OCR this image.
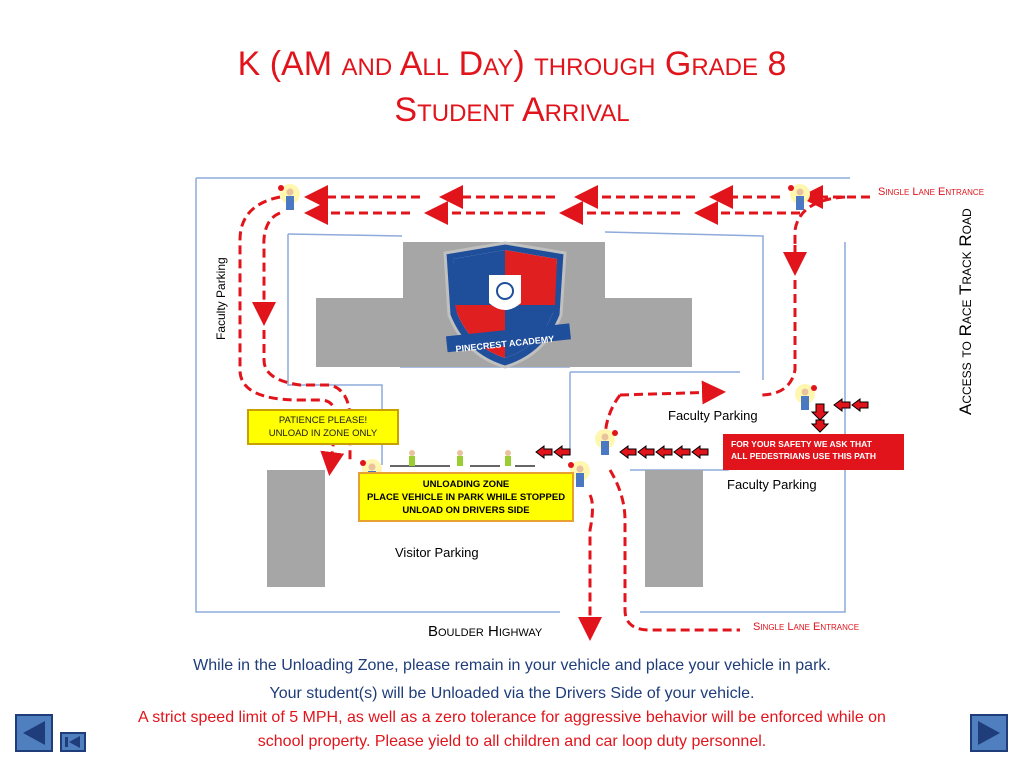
K (AM and All Day) through Grade 8
Student Arrival
PINECREST ACADEMY
Single Lane Entrance
Single Lane Entrance
Access to Race Track Road
Faculty Parking
Faculty Parking
Faculty Parking
Visitor Parking
Boulder Highway
PATIENCE PLEASE!
UNLOAD IN ZONE ONLY
UNLOADING ZONE
PLACE VEHICLE IN PARK WHILE STOPPED
UNLOAD ON DRIVERS SIDE
FOR YOUR SAFETY WE ASK THAT
ALL PEDESTRIANS USE THIS PATH
While in the Unloading Zone, please remain in your vehicle and place your vehicle in park.
Your student(s) will be Unloaded via the Drivers Side of your vehicle.
A strict speed limit of 5 MPH, as well as a zero tolerance for aggressive behavior will be enforced while on
school property. Please yield to all children and car loop duty personnel.
